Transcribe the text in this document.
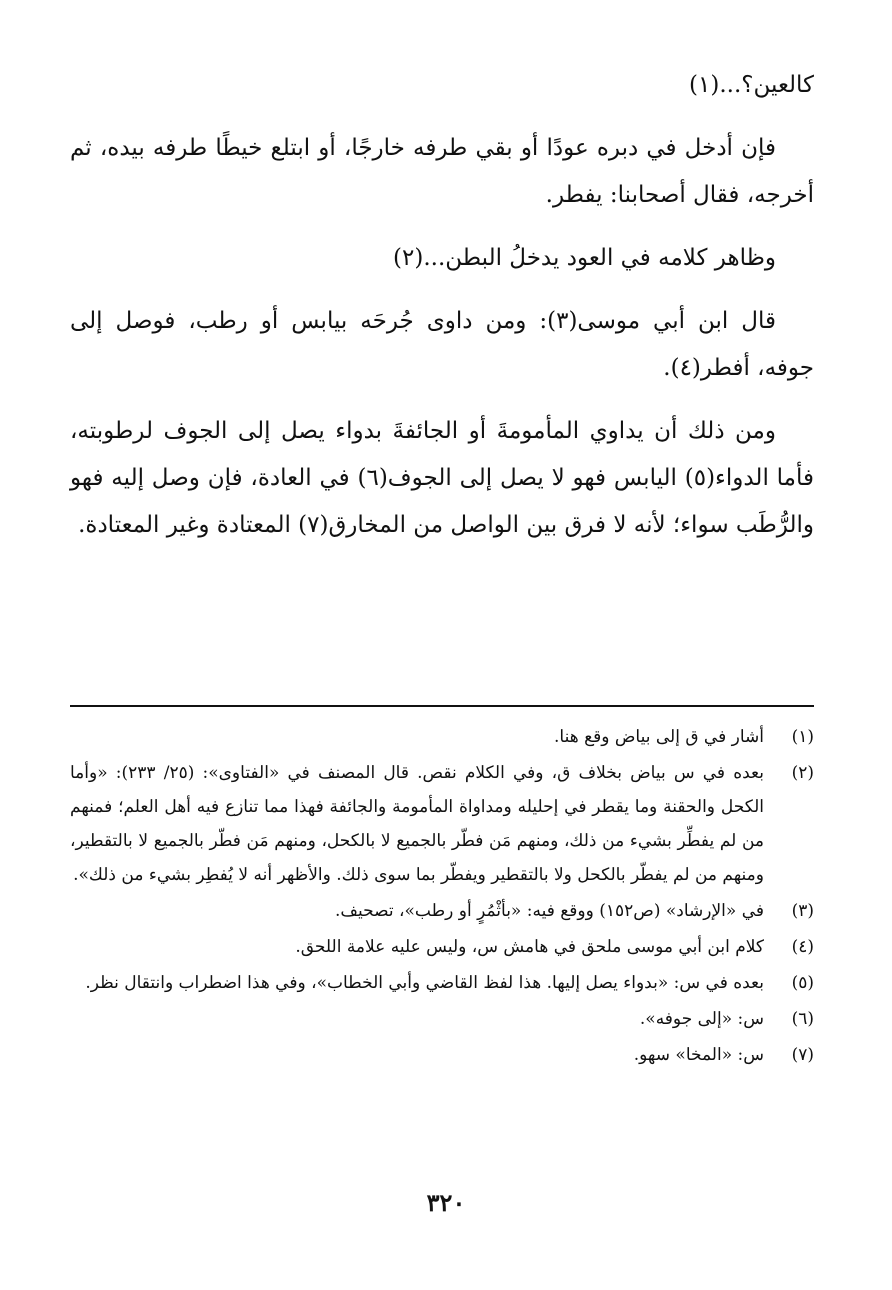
كالعين؟...(١)

فإن أدخل في دبره عودًا أو بقي طرفه خارجًا، أو ابتلع خيطًا طرفه بيده، ثم أخرجه، فقال أصحابنا: يفطر.

وظاهر كلامه في العود يدخلُ البطن...(٢)

قال ابن أبي موسى(٣): ومن داوى جُرحَه بيابس أو رطب، فوصل إلى جوفه، أفطر(٤).

ومن ذلك أن يداوي المأمومةَ أو الجائفةَ بدواء يصل إلى الجوف لرطوبته، فأما الدواء(٥) اليابس فهو لا يصل إلى الجوف(٦) في العادة، فإن وصل إليه فهو والرُّطَب سواء؛ لأنه لا فرق بين الواصل من المخارق(٧) المعتادة وغير المعتادة.

(١)
أشار في ق إلى بياض وقع هنا.
(٢)
بعده في س بياض بخلاف ق، وفي الكلام نقص. قال المصنف في «الفتاوى»: (٢٥/ ٢٣٣): «وأما الكحل والحقنة وما يقطر في إحليله ومداواة المأمومة والجائفة فهذا مما تنازع فيه أهل العلم؛ فمنهم من لم يفطِّر بشيء من ذلك، ومنهم مَن فطّر بالجميع لا بالكحل، ومنهم مَن فطّر بالجميع لا بالتقطير، ومنهم من لم يفطّر بالكحل ولا بالتقطير ويفطّر بما سوى ذلك. والأظهر أنه لا يُفطِر بشيء من ذلك».
(٣)
في «الإرشاد» (ص١٥٢) ووقع فيه: «بأثْمُرٍ أو رطب»، تصحيف.
(٤)
كلام ابن أبي موسى ملحق في هامش س، وليس عليه علامة اللحق.
(٥)
بعده في س: «بدواء يصل إليها. هذا لفظ القاضي وأبي الخطاب»، وفي هذا اضطراب وانتقال نظر.
(٦)
س: «إلى جوفه».
(٧)
س: «المخا» سهو.
٣٢٠
